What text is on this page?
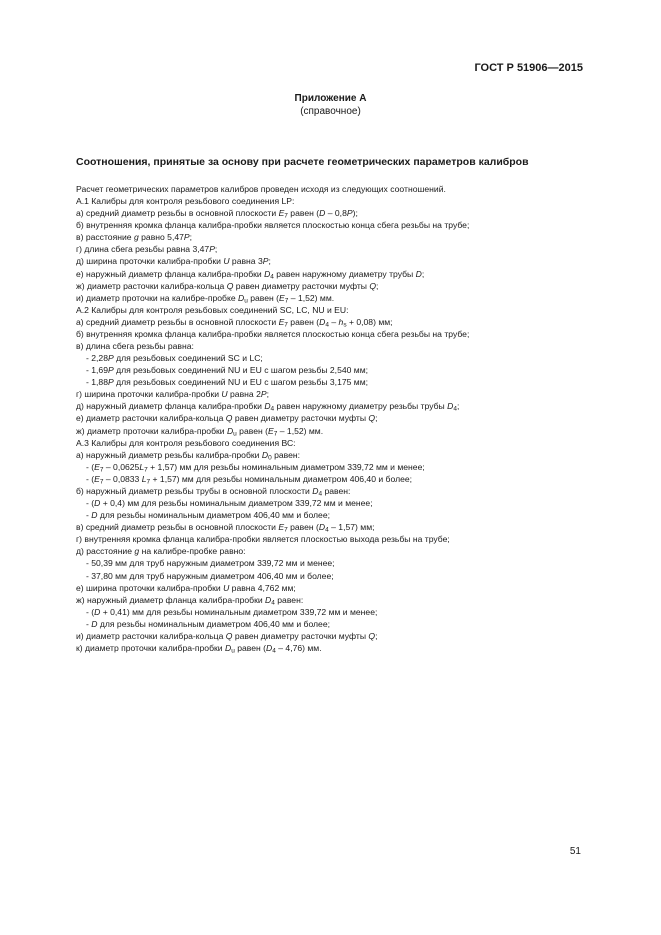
ГОСТ Р 51906—2015
Приложение А
(справочное)
Соотношения, принятые за основу при расчете геометрических параметров калибров
Расчет геометрических параметров калибров проведен исходя из следующих соотношений.
А.1 Калибры для контроля резьбового соединения LP:
а) средний диаметр резьбы в основной плоскости $E_7$ равен (D – 0,8P);
б) внутренняя кромка фланца калибра-пробки является плоскостью конца сбега резьбы на трубе;
в) расстояние g равно 5,47P;
г) длина сбега резьбы равна 3,47P;
д) ширина проточки калибра-пробки U равна 3P;
е) наружный диаметр фланца калибра-пробки $D_4$ равен наружному диаметру трубы D;
ж) диаметр расточки калибра-кольца Q равен диаметру расточки муфты Q;
и) диаметр проточки на калибре-пробке $D_u$ равен $(E_7 - 1,52)$ мм.
А.2 Калибры для контроля резьбовых соединений SC, LC, NU и EU:
а) средний диаметр резьбы в основной плоскости $E_7$ равен $(D_4 - h_s + 0,08)$ мм;
б) внутренняя кромка фланца калибра-пробки является плоскостью конца сбега резьбы на трубе;
в) длина сбега резьбы равна:
- 2,28P для резьбовых соединений SC и LC;
- 1,69P для резьбовых соединений NU и EU с шагом резьбы 2,540 мм;
- 1,88P для резьбовых соединений NU и EU с шагом резьбы 3,175 мм;
г) ширина проточки калибра-пробки U равна 2P;
д) наружный диаметр фланца калибра-пробки $D_4$ равен наружному диаметру резьбы трубы $D_4$;
е) диаметр расточки калибра-кольца Q равен диаметру расточки муфты Q;
ж) диаметр проточки калибра-пробки $D_u$ равен $(E_7 - 1,52)$ мм.
А.3 Калибры для контроля резьбового соединения ВС:
а) наружный диаметр резьбы калибра-пробки $D_0$ равен:
- $(E_7 - 0,0625L_7 + 1,57)$ мм для резьбы номинальным диаметром 339,72 мм и менее;
- ($E_7 - 0,0833$ $L_7 + 1,57$) мм для резьбы номинальным диаметром 406,40 и более;
б) наружный диаметр резьбы трубы в основной плоскости $D_4$ равен:
- (D + 0,4) мм для резьбы номинальным диаметром 339,72 мм и менее;
- D для резьбы номинальным диаметром 406,40 мм и более;
в) средний диаметр резьбы в основной плоскости $E_7$ равен $(D_4 - 1,57)$ мм;
г) внутренняя кромка фланца калибра-пробки является плоскостью выхода резьбы на трубе;
д) расстояние g на калибре-пробке равно:
- 50,39 мм для труб наружным диаметром 339,72 мм и менее;
- 37,80 мм для труб наружным диаметром 406,40 мм и более;
е) ширина проточки калибра-пробки U равна 4,762 мм;
ж) наружный диаметр фланца калибра-пробки $D_4$ равен:
- (D + 0,41) мм для резьбы номинальным диаметром 339,72 мм и менее;
- D для резьбы номинальным диаметром 406,40 мм и более;
и) диаметр расточки калибра-кольца Q равен диаметру расточки муфты Q;
к) диаметр проточки калибра-пробки $D_u$ равен $(D_4 - 4,76)$ мм.
51
